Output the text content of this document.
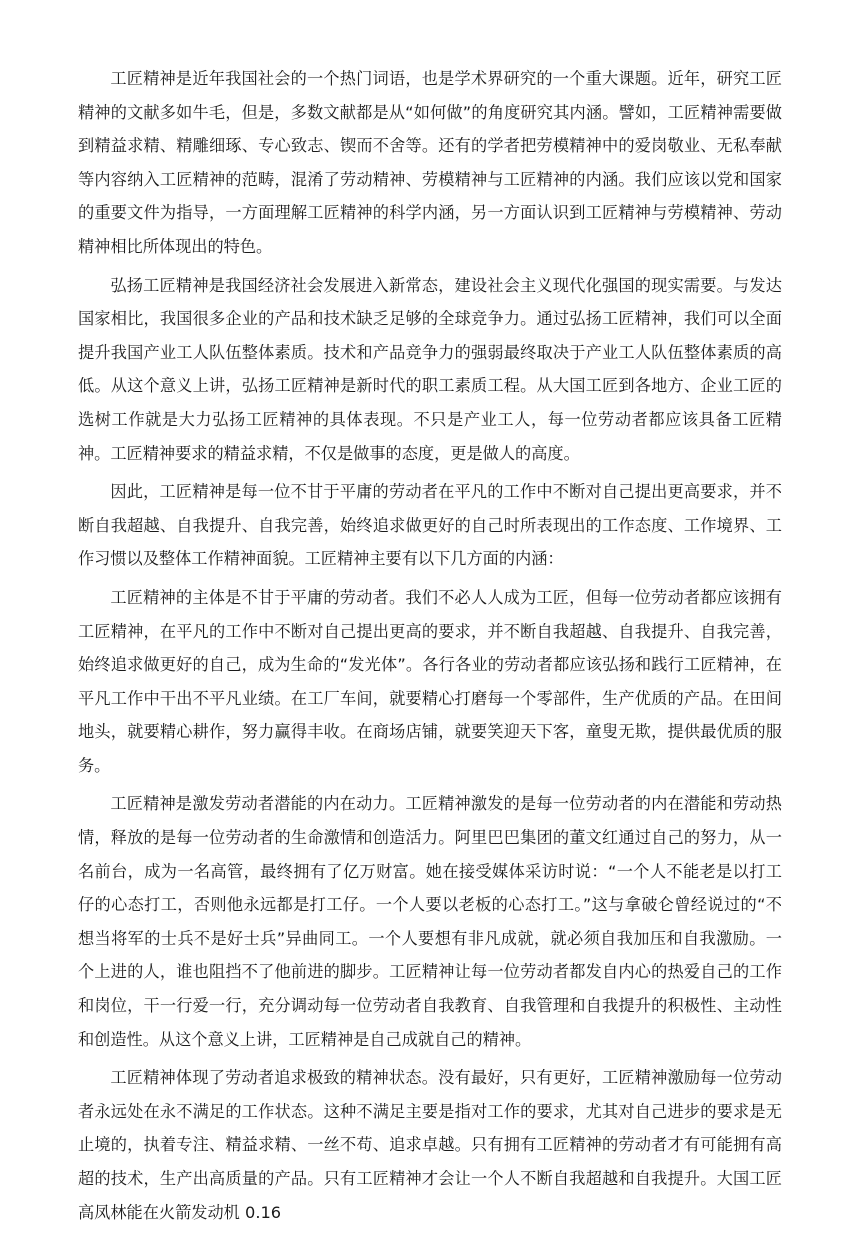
工匠精神是近年我国社会的一个热门词语，也是学术界研究的一个重大课题。近年，研究工匠精神的文献多如牛毛，但是，多数文献都是从“如何做”的角度研究其内涵。譬如，工匠精神需要做到精益求精、精雕细琢、专心致志、锲而不舍等。还有的学者把劳模精神中的爱岗敬业、无私奉献等内容纳入工匠精神的范畴，混淆了劳动精神、劳模精神与工匠精神的内涵。我们应该以党和国家的重要文件为指导，一方面理解工匠精神的科学内涵，另一方面认识到工匠精神与劳模精神、劳动精神相比所体现出的特色。

弘扬工匠精神是我国经济社会发展进入新常态，建设社会主义现代化强国的现实需要。与发达国家相比，我国很多企业的产品和技术缺乏足够的全球竞争力。通过弘扬工匠精神，我们可以全面提升我国产业工人队伍整体素质。技术和产品竞争力的强弱最终取决于产业工人队伍整体素质的高低。从这个意义上讲，弘扬工匠精神是新时代的职工素质工程。从大国工匠到各地方、企业工匠的选树工作就是大力弘扬工匠精神的具体表现。不只是产业工人，每一位劳动者都应该具备工匠精神。工匠精神要求的精益求精，不仅是做事的态度，更是做人的高度。

因此，工匠精神是每一位不甘于平庸的劳动者在平凡的工作中不断对自己提出更高要求，并不断自我超越、自我提升、自我完善，始终追求做更好的自己时所表现出的工作态度、工作境界、工作习惯以及整体工作精神面貌。工匠精神主要有以下几方面的内涵：

工匠精神的主体是不甘于平庸的劳动者。我们不必人人成为工匠，但每一位劳动者都应该拥有工匠精神，在平凡的工作中不断对自己提出更高的要求，并不断自我超越、自我提升、自我完善，始终追求做更好的自己，成为生命的“发光体”。各行各业的劳动者都应该弘扬和践行工匠精神，在平凡工作中干出不平凡业绩。在工厂车间，就要精心打磨每一个零部件，生产优质的产品。在田间地头，就要精心耕作，努力赢得丰收。在商场店铺，就要笑迎天下客，童叟无欺，提供最优质的服务。

工匠精神是激发劳动者潜能的内在动力。工匠精神激发的是每一位劳动者的内在潜能和劳动热情，释放的是每一位劳动者的生命激情和创造活力。阿里巴巴集团的董文红通过自己的努力，从一名前台，成为一名高管，最终拥有了亿万财富。她在接受媒体采访时说：“一个人不能老是以打工仔的心态打工，否则他永远都是打工仔。一个人要以老板的心态打工。”这与拿破仑曾经说过的“不想当将军的士兵不是好士兵”异曲同工。一个人要想有非凡成就，就必须自我加压和自我激励。一个上进的人，谁也阻挡不了他前进的脚步。工匠精神让每一位劳动者都发自内心的热爱自己的工作和岗位，干一行爱一行，充分调动每一位劳动者自我教育、自我管理和自我提升的积极性、主动性和创造性。从这个意义上讲，工匠精神是自己成就自己的精神。

工匠精神体现了劳动者追求极致的精神状态。没有最好，只有更好，工匠精神激励每一位劳动者永远处在永不满足的工作状态。这种不满足主要是指对工作的要求，尤其对自己进步的要求是无止境的，执着专注、精益求精、一丝不苟、追求卓越。只有拥有工匠精神的劳动者才有可能拥有高超的技术，生产出高质量的产品。只有工匠精神才会让一个人不断自我超越和自我提升。大国工匠高凤林能在火箭发动机 0.16
